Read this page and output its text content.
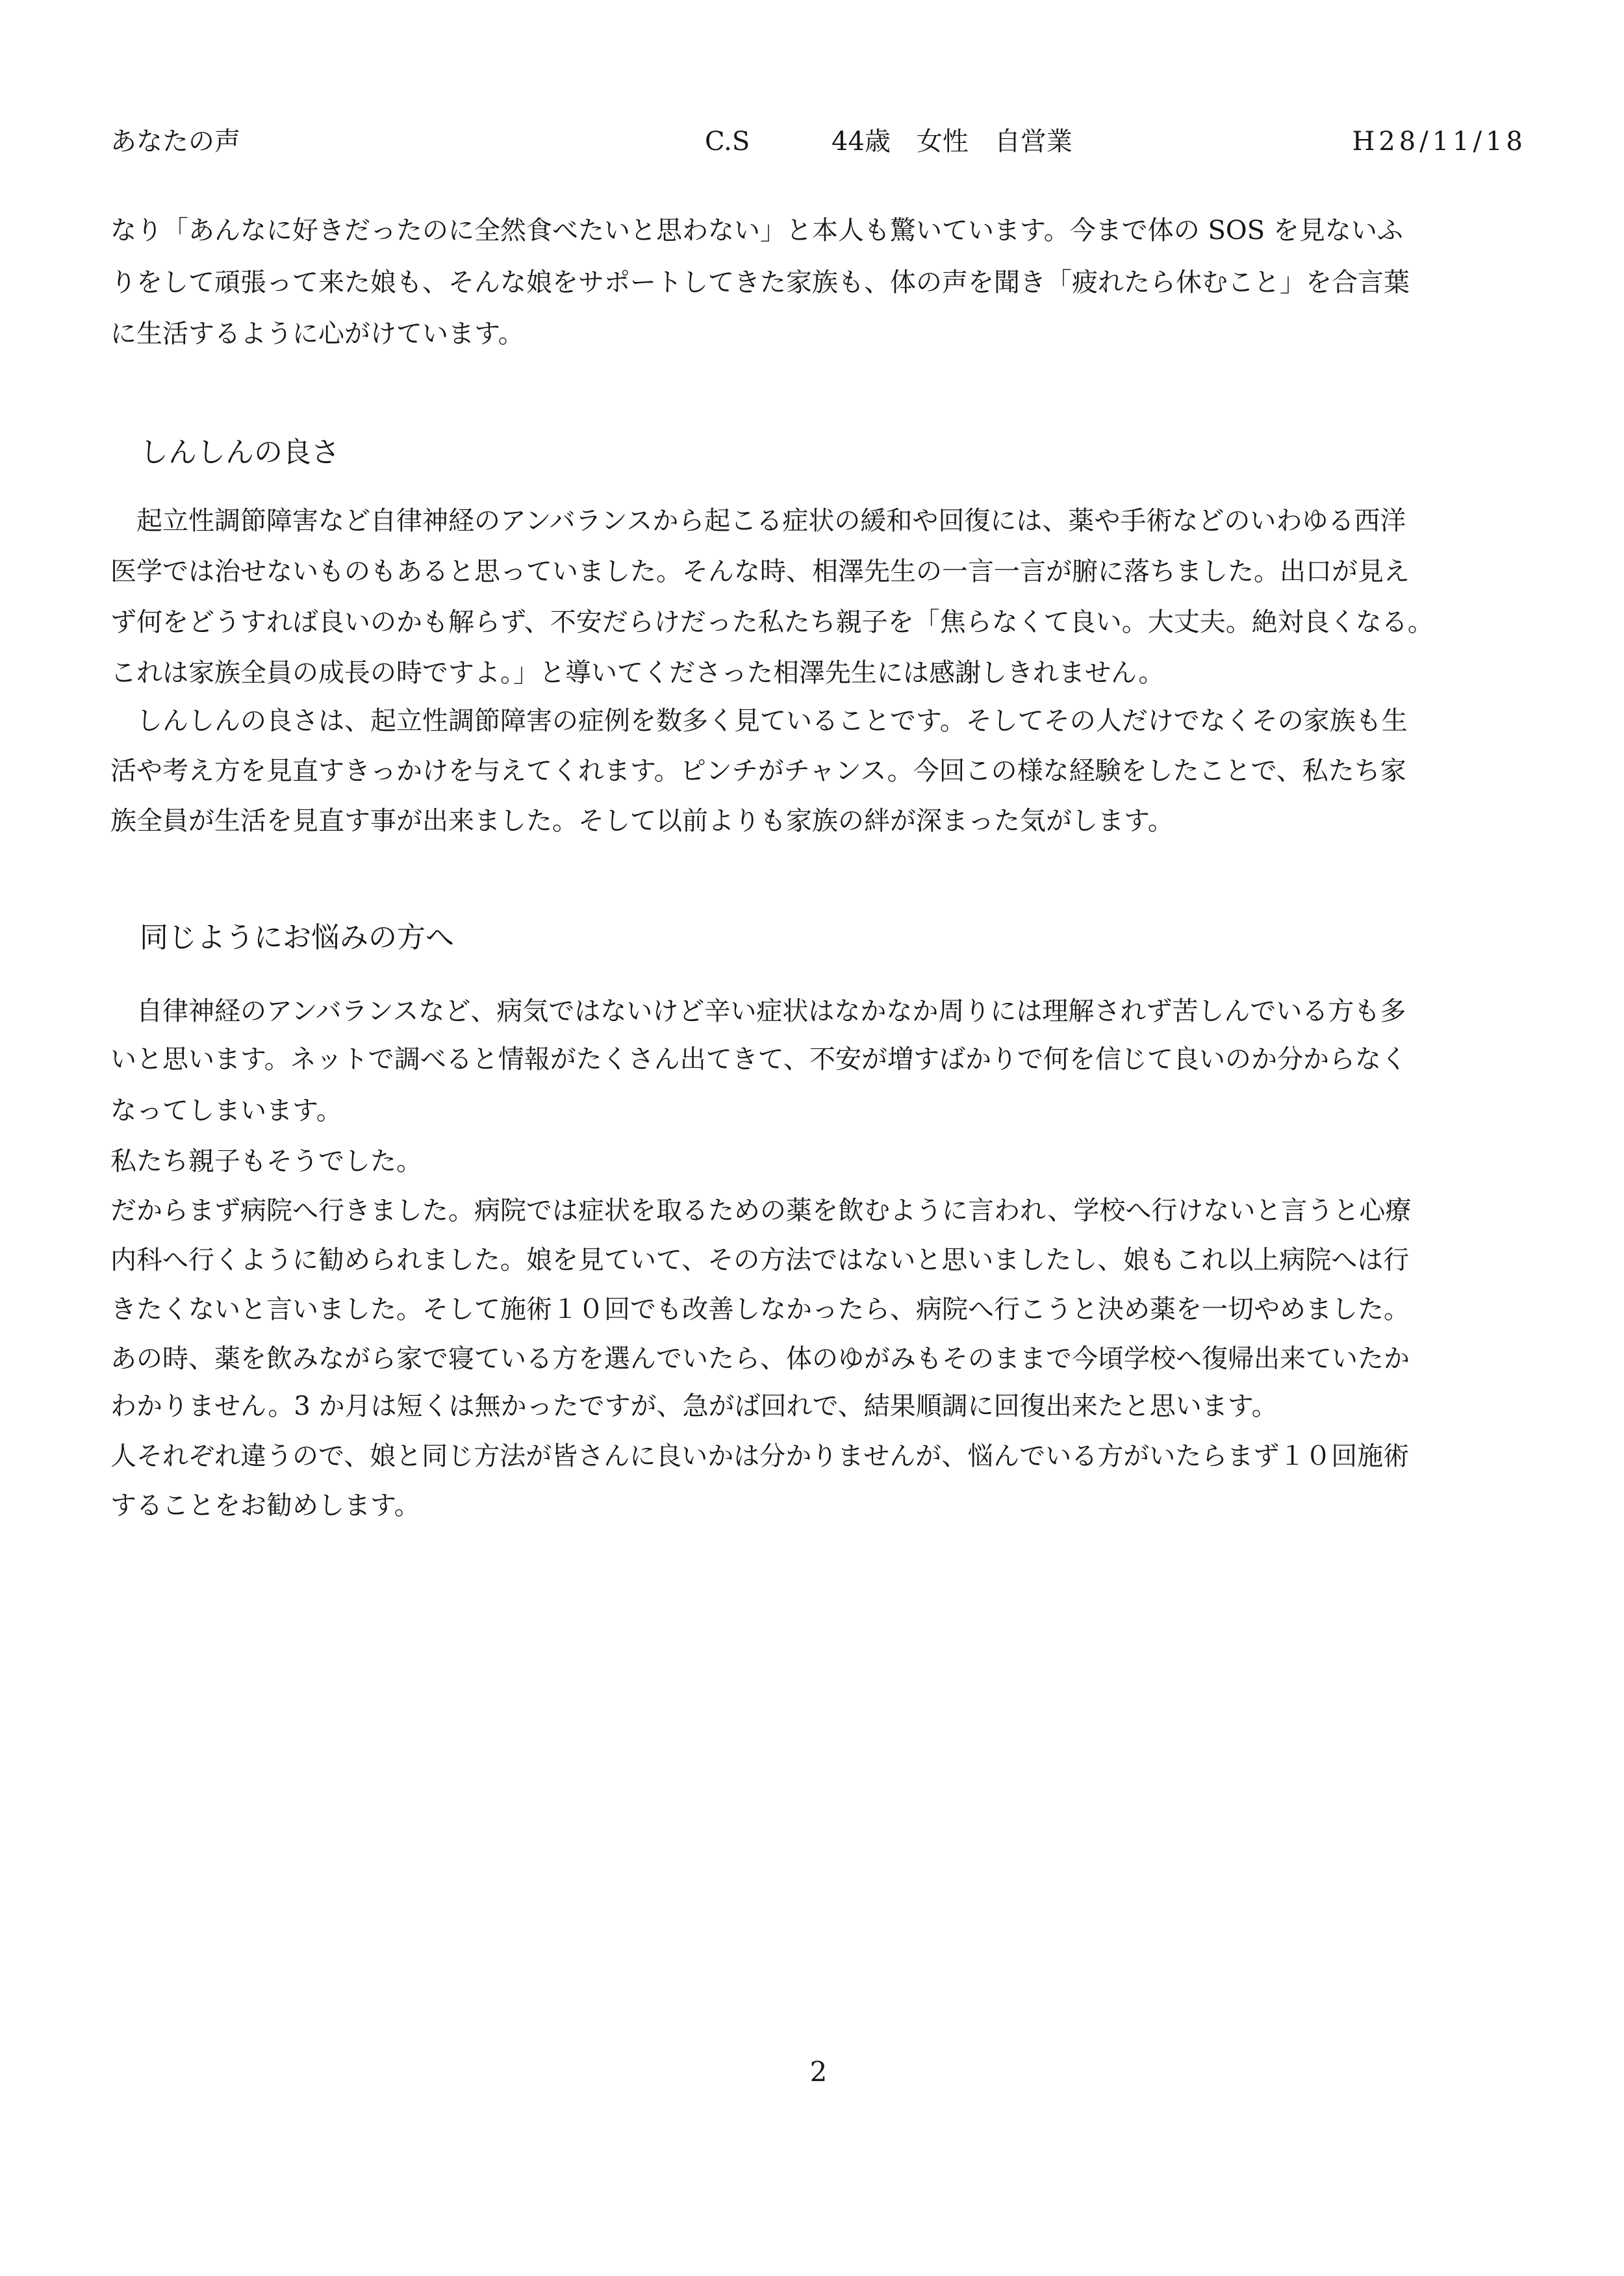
あなたの声	C.S	44歳　女性　自営業	H28/11/18
なり「あんなに好きだったのに全然食べたいと思わない」と本人も驚いています。今まで体の SOS を見ないふ
りをして頑張って来た娘も、そんな娘をサポートしてきた家族も、体の声を聞き「疲れたら休むこと」を合言葉
に生活するように心がけています。
しんしんの良さ
　起立性調節障害など自律神経のアンバランスから起こる症状の緩和や回復には、薬や手術などのいわゆる西洋
医学では治せないものもあると思っていました。そんな時、相澤先生の一言一言が腑に落ちました。出口が見え
ず何をどうすれば良いのかも解らず、不安だらけだった私たち親子を「焦らなくて良い。大丈夫。絶対良くなる。
これは家族全員の成長の時ですよ。」と導いてくださった相澤先生には感謝しきれません。
　しんしんの良さは、起立性調節障害の症例を数多く見ていることです。そしてその人だけでなくその家族も生
活や考え方を見直すきっかけを与えてくれます。ピンチがチャンス。今回この様な経験をしたことで、私たち家
族全員が生活を見直す事が出来ました。そして以前よりも家族の絆が深まった気がします。
同じようにお悩みの方へ
　自律神経のアンバランスなど、病気ではないけど辛い症状はなかなか周りには理解されず苦しんでいる方も多
いと思います。ネットで調べると情報がたくさん出てきて、不安が増すばかりで何を信じて良いのか分からなく
なってしまいます。
私たち親子もそうでした。
だからまず病院へ行きました。病院では症状を取るための薬を飲むように言われ、学校へ行けないと言うと心療
内科へ行くように勧められました。娘を見ていて、その方法ではないと思いましたし、娘もこれ以上病院へは行
きたくないと言いました。そして施術１０回でも改善しなかったら、病院へ行こうと決め薬を一切やめました。
あの時、薬を飲みながら家で寝ている方を選んでいたら、体のゆがみもそのままで今頃学校へ復帰出来ていたか
わかりません。3 か月は短くは無かったですが、急がば回れで、結果順調に回復出来たと思います。
人それぞれ違うので、娘と同じ方法が皆さんに良いかは分かりませんが、悩んでいる方がいたらまず１０回施術
することをお勧めします。
2
